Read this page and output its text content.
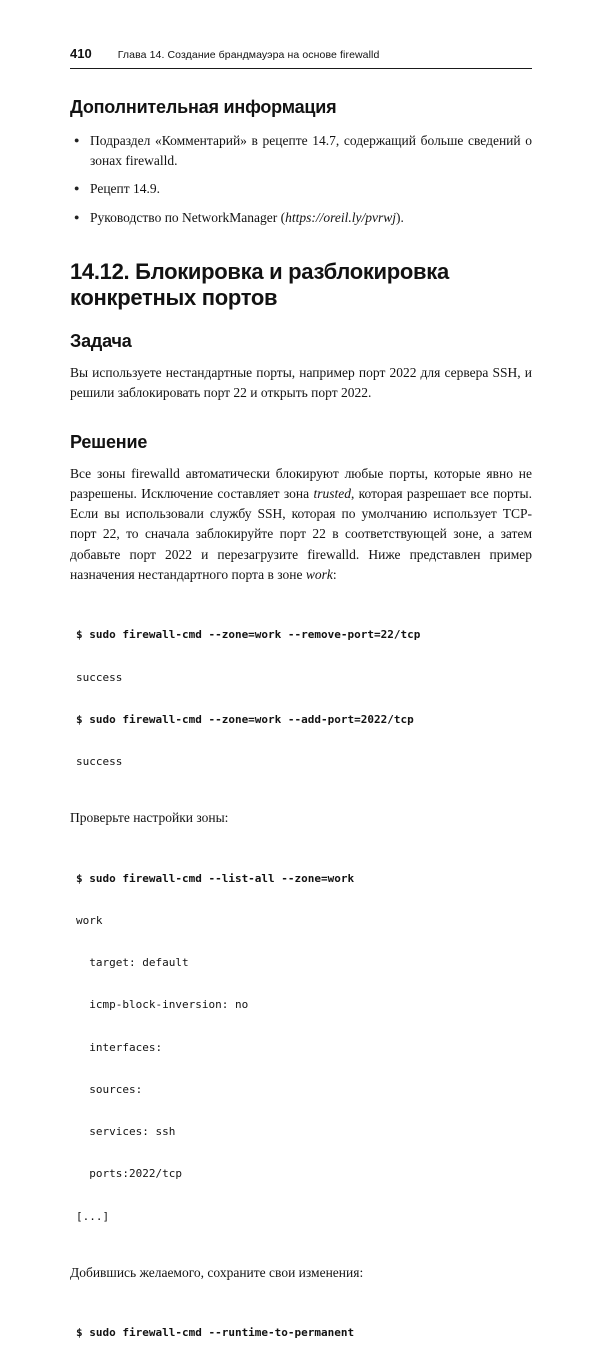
410 Глава 14. Создание брандмауэра на основе firewalld
Дополнительная информация
● Подраздел «Комментарий» в рецепте 14.7, содержащий больше сведений о зонах firewalld.
● Рецепт 14.9.
● Руководство по NetworkManager (https://oreil.ly/pvrwj).
14.12. Блокировка и разблокировка конкретных портов
Задача

Вы используете нестандартные порты, например порт 2022 для сервера SSH, и решили заблокировать порт 22 и открыть порт 2022.

Решение

Все зоны firewalld автоматически блокируют любые порты, которые явно не разрешены. Исключение составляет зона trusted, которая разрешает все порты. Если вы использовали службу SSH, которая по умолчанию использует TCP-порт 22, то сначала заблокируйте порт 22 в соответствующей зоне, а затем добавьте порт 2022 и перезагрузите firewalld. Ниже представлен пример назначения нестандартного порта в зоне work:

$ sudo firewall-cmd --zone=work --remove-port=22/tcp

success

$ sudo firewall-cmd --zone=work --add-port=2022/tcp

success

Проверьте настройки зоны:

$ sudo firewall-cmd --list-all --zone=work

work

target: default

icmp-block-inversion: no

interfaces:

sources:

services: ssh

ports:2022/tcp

[...]

Добившись желаемого, сохраните свои изменения:

$ sudo firewall-cmd --runtime-to-permanent
